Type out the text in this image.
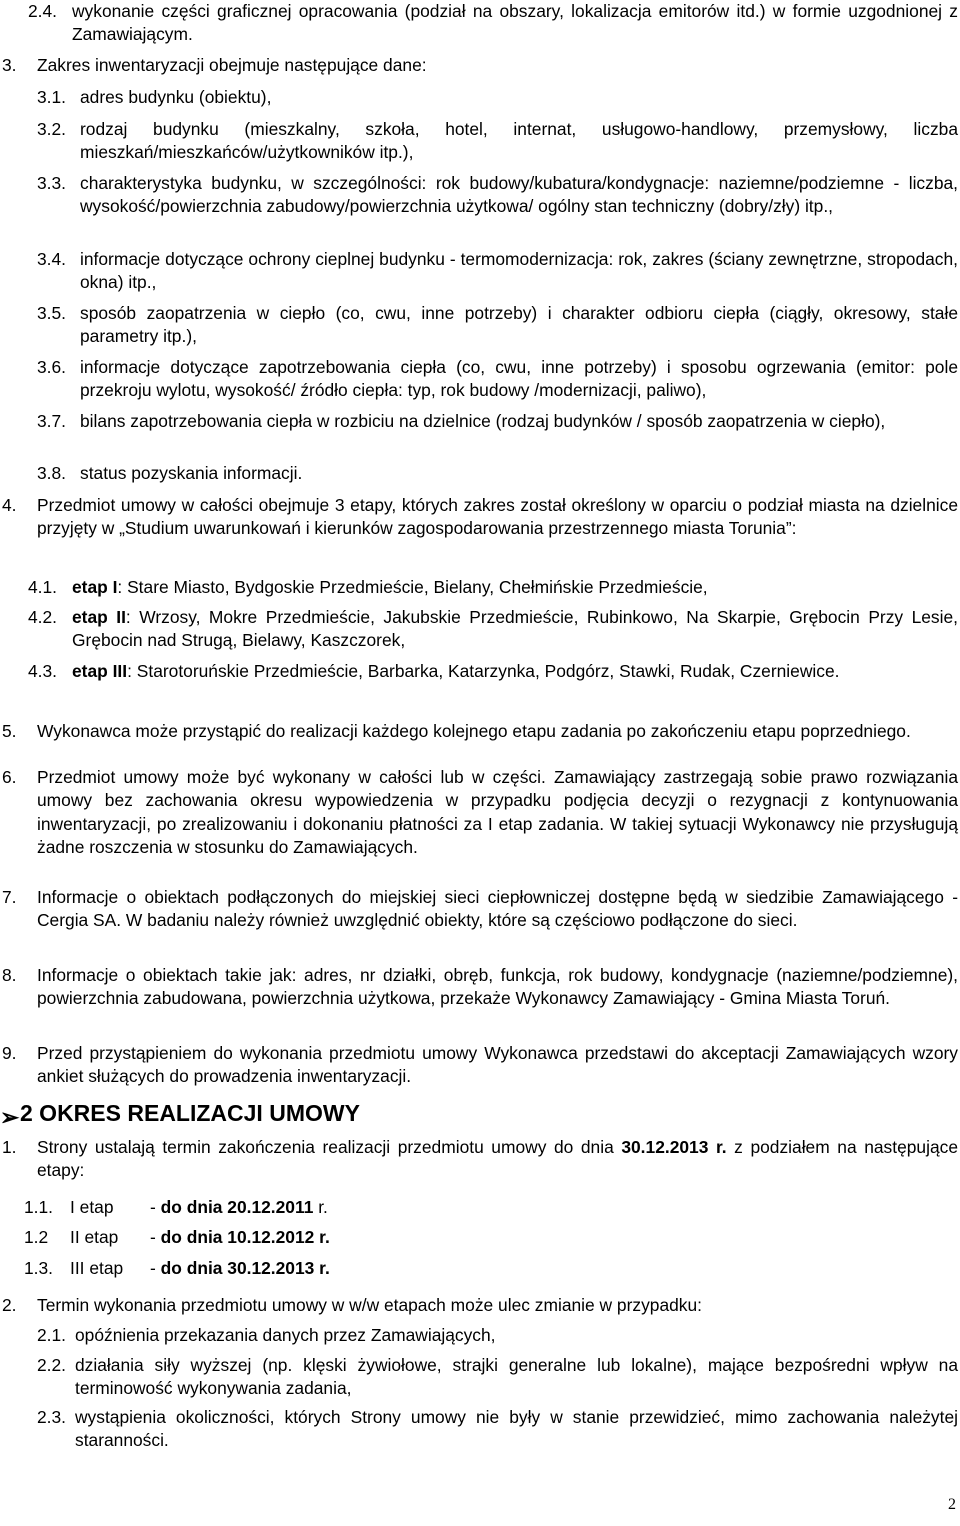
2.4. wykonanie części graficznej opracowania (podział na obszary, lokalizacja emitorów itd.) w formie uzgodnionej z Zamawiającym.
3. Zakres inwentaryzacji obejmuje następujące dane:
3.1. adres budynku (obiektu),
3.2. rodzaj budynku (mieszkalny, szkoła, hotel, internat, usługowo-handlowy, przemysłowy, liczba mieszkań/mieszkańców/użytkowników itp.),
3.3. charakterystyka budynku, w szczególności: rok budowy/kubatura/kondygnacje: naziemne/podziemne - liczba, wysokość/powierzchnia zabudowy/powierzchnia użytkowa/ ogólny stan techniczny (dobry/zły) itp.,
3.4. informacje dotyczące ochrony cieplnej budynku - termomodernizacja: rok, zakres (ściany zewnętrzne, stropodach, okna) itp.,
3.5. sposób zaopatrzenia w ciepło (co, cwu, inne potrzeby) i charakter odbioru ciepła (ciągły, okresowy, stałe parametry itp.),
3.6. informacje dotyczące zapotrzebowania ciepła (co, cwu, inne potrzeby) i sposobu ogrzewania (emitor: pole przekroju wylotu, wysokość/ źródło ciepła: typ, rok budowy /modernizacji, paliwo),
3.7. bilans zapotrzebowania ciepła w rozbiciu na dzielnice (rodzaj budynków / sposób zaopatrzenia w ciepło),
3.8. status pozyskania informacji.
4. Przedmiot umowy w całości obejmuje 3 etapy, których zakres został określony w oparciu o podział miasta na dzielnice przyjęty w „Studium uwarunkowań i kierunków zagospodarowania przestrzennego miasta Torunia”:
4.1. etap I: Stare Miasto, Bydgoskie Przedmieście, Bielany, Chełmińskie Przedmieście,
4.2. etap II: Wrzosy, Mokre Przedmieście, Jakubskie Przedmieście, Rubinkowo, Na Skarpie, Grębocin Przy Lesie, Grębocin nad Strugą, Bielawy, Kaszczorek,
4.3. etap III: Starotoruńskie Przedmieście, Barbarka, Katarzynka, Podgórz, Stawki, Rudak, Czerniewice.
5. Wykonawca może przystąpić do realizacji każdego kolejnego etapu zadania po zakończeniu etapu poprzedniego.
6. Przedmiot umowy może być wykonany w całości lub w części. Zamawiający zastrzegają sobie prawo rozwiązania umowy bez zachowania okresu wypowiedzenia w przypadku podjęcia decyzji o rezygnacji z kontynuowania inwentaryzacji, po zrealizowaniu i dokonaniu płatności za I etap zadania. W takiej sytuacji Wykonawcy nie przysługują żadne roszczenia w stosunku do Zamawiających.
7. Informacje o obiektach podłączonych do miejskiej sieci ciepłowniczej dostępne będą w siedzibie Zamawiającego - Cergia SA. W badaniu należy również uwzględnić obiekty, które są częściowo podłączone do sieci.
8. Informacje o obiektach takie jak: adres, nr działki, obręb, funkcja, rok budowy, kondygnacje (naziemne/podziemne), powierzchnia zabudowana, powierzchnia użytkowa, przekaże Wykonawcy Zamawiający - Gmina Miasta Toruń.
9. Przed przystąpieniem do wykonania przedmiotu umowy Wykonawca przedstawi do akceptacji Zamawiających wzory ankiet służących do prowadzenia inwentaryzacji.
➢ 2 OKRES REALIZACJI UMOWY
1. Strony ustalają termin zakończenia realizacji przedmiotu umowy do dnia 30.12.2013 r. z podziałem na następujące etapy:
1.1. I etap - do dnia 20.12.2011 r.
1.2 II etap - do dnia 10.12.2012 r.
1.3. III etap - do dnia 30.12.2013 r.
2. Termin wykonania przedmiotu umowy w w/w etapach może ulec zmianie w przypadku:
2.1. opóźnienia przekazania danych przez Zamawiających,
2.2. działania siły wyższej (np. klęski żywiołowe, strajki generalne lub lokalne), mające bezpośredni wpływ na terminowość wykonywania zadania,
2.3. wystąpienia okoliczności, których Strony umowy nie były w stanie przewidzieć, mimo zachowania należytej staranności.
2
